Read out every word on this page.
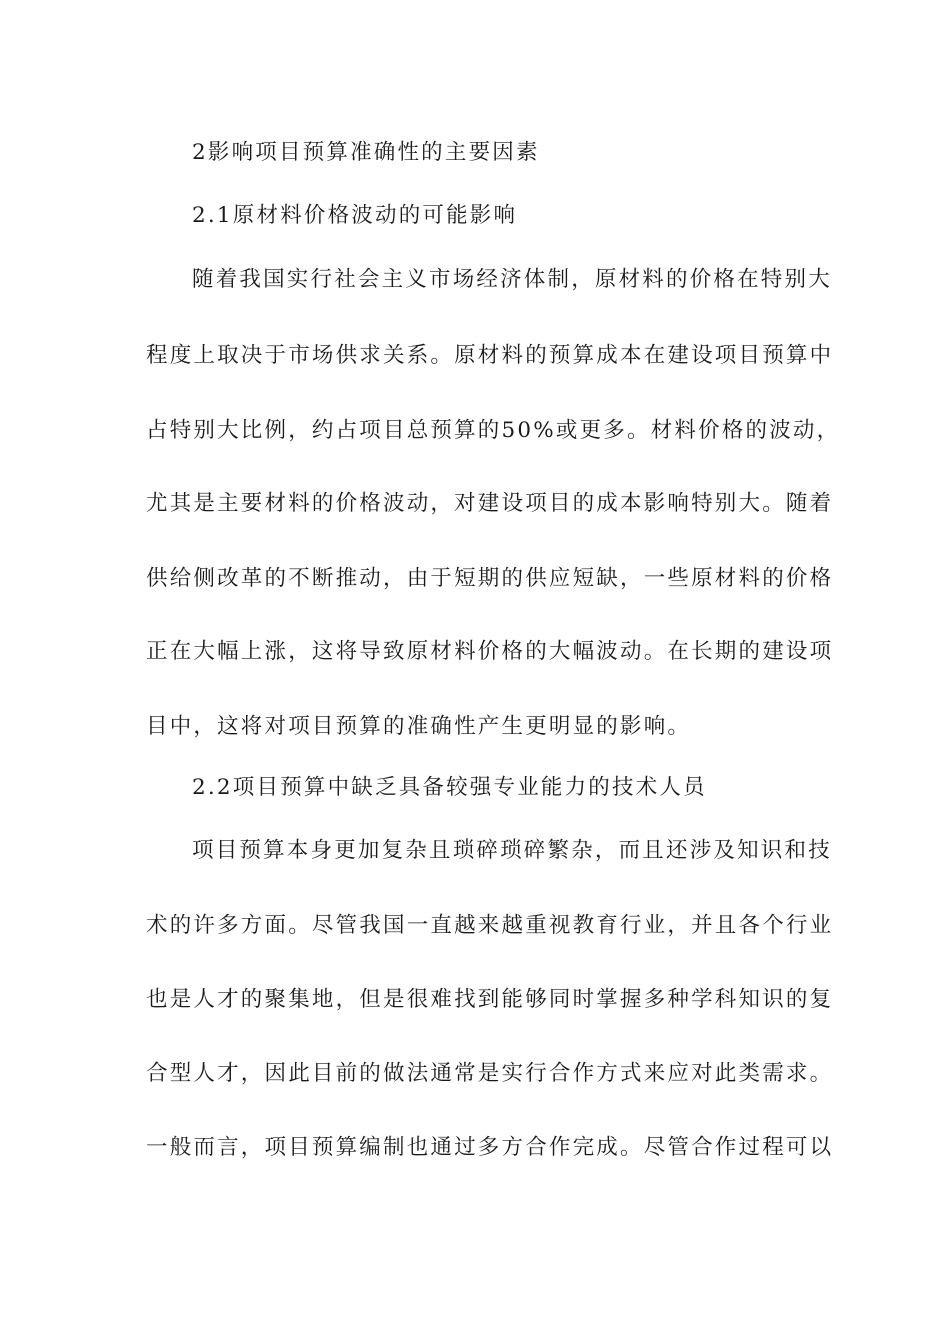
2影响项目预算准确性的主要因素
2.1原材料价格波动的可能影响
随着我国实行社会主义市场经济体制，原材料的价格在特别大
程度上取决于市场供求关系。原材料的预算成本在建设项目预算中
占特别大比例，约占项目总预算的50%或更多。材料价格的波动，
尤其是主要材料的价格波动，对建设项目的成本影响特别大。随着
供给侧改革的不断推动，由于短期的供应短缺，一些原材料的价格
正在大幅上涨，这将导致原材料价格的大幅波动。在长期的建设项
目中，这将对项目预算的准确性产生更明显的影响。
2.2项目预算中缺乏具备较强专业能力的技术人员
项目预算本身更加复杂且琐碎琐碎繁杂，而且还涉及知识和技
术的许多方面。尽管我国一直越来越重视教育行业，并且各个行业
也是人才的聚集地，但是很难找到能够同时掌握多种学科知识的复
合型人才，因此目前的做法通常是实行合作方式来应对此类需求。
一般而言，项目预算编制也通过多方合作完成。尽管合作过程可以
